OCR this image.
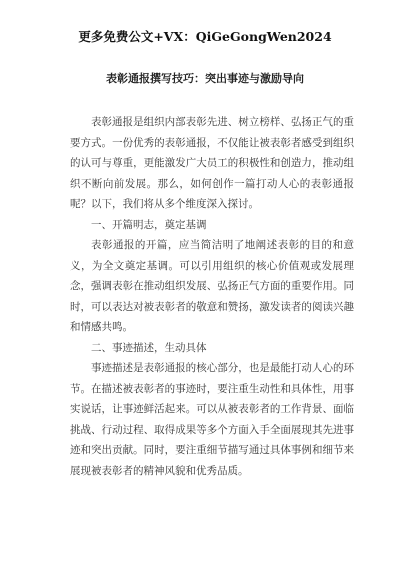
更多免费公文+VX：QiGeGongWen2024
表彰通报撰写技巧：突出事迹与激励导向

表彰通报是组织内部表彰先进、树立榜样、弘扬正气的重要方式。一份优秀的表彰通报，不仅能让被表彰者感受到组织的认可与尊重，更能激发广大员工的积极性和创造力，推动组织不断向前发展。那么，如何创作一篇打动人心的表彰通报呢？以下，我们将从多个维度深入探讨。

一、开篇明志，奠定基调

表彰通报的开篇，应当简洁明了地阐述表彰的目的和意义，为全文奠定基调。可以引用组织的核心价值观或发展理念，强调表彰在推动组织发展、弘扬正气方面的重要作用。同时，可以表达对被表彰者的敬意和赞扬，激发读者的阅读兴趣和情感共鸣。

二、事迹描述，生动具体

事迹描述是表彰通报的核心部分，也是最能打动人心的环节。在描述被表彰者的事迹时，要注重生动性和具体性，用事实说话，让事迹鲜活起来。可以从被表彰者的工作背景、面临挑战、行动过程、取得成果等多个方面入手全面展现其先进事迹和突出贡献。同时，要注重细节描写通过具体事例和细节来展现被表彰者的精神风貌和优秀品质。
